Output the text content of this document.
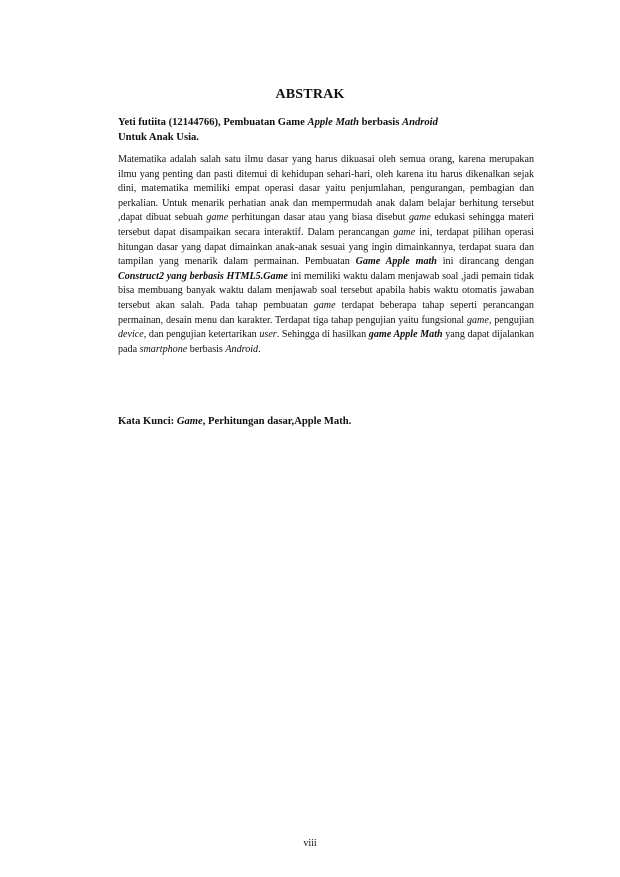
ABSTRAK
Yeti futiita (12144766), Pembuatan Game Apple Math berbasis Android
Untuk Anak Usia.

Matematika adalah salah satu ilmu dasar yang harus dikuasai oleh semua orang, karena merupakan ilmu yang penting dan pasti ditemui di kehidupan sehari-hari, oleh karena itu harus dikenalkan sejak dini, matematika memiliki empat operasi dasar yaitu penjumlahan, pengurangan, pembagian dan perkalian. Untuk menarik perhatian anak dan mempermudah anak dalam belajar berhitung tersebut ,dapat dibuat sebuah game perhitungan dasar atau yang biasa disebut game edukasi sehingga materi tersebut dapat disampaikan secara interaktif. Dalam perancangan game ini, terdapat pilihan operasi hitungan dasar yang dapat dimainkan anak-anak sesuai yang ingin dimainkannya, terdapat suara dan tampilan yang menarik dalam permainan. Pembuatan Game Apple math ini dirancang dengan Construct2 yang berbasis HTML5.Game ini memiliki waktu dalam menjawab soal ,jadi pemain tidak bisa membuang banyak waktu dalam menjawab soal tersebut apabila habis waktu otomatis jawaban tersebut akan salah. Pada tahap pembuatan game terdapat beberapa tahap seperti perancangan permainan, desain menu dan karakter. Terdapat tiga tahap pengujian yaitu fungsional game, pengujian device, dan pengujian ketertarikan user. Sehingga di hasilkan game Apple Math yang dapat dijalankan pada smartphone berbasis Android.

Kata Kunci: Game, Perhitungan dasar,Apple Math.
viii
